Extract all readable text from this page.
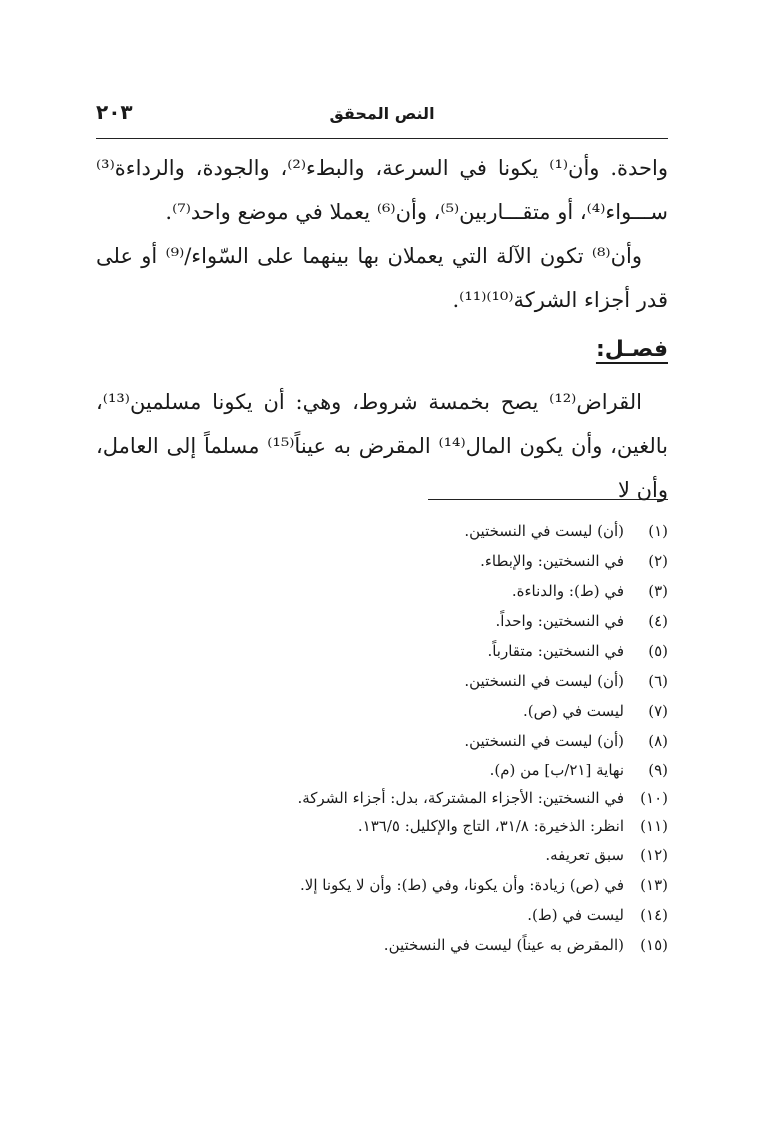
النص المحقق
٢٠٣

واحدة. وأن⁽¹⁾ يكونا في السرعة، والبطء⁽²⁾، والجودة، والرداءة⁽³⁾ ســـواء⁽⁴⁾، أو متقـــاربين⁽⁵⁾، وأن⁽⁶⁾ يعملا في موضع واحد⁽⁷⁾.

وأن⁽⁸⁾ تكون الآلة التي يعملان بها بينهما على السّواء/⁽⁹⁾ أو على قدر أجزاء الشركة⁽¹⁰⁾⁽¹¹⁾.

فصـل:

القراض⁽¹²⁾ يصح بخمسة شروط، وهي: أن يكونا مسلمين⁽¹³⁾، بالغين، وأن يكون المال⁽¹⁴⁾ المقرض به عيناً⁽¹⁵⁾ مسلماً إلى العامل، وأن لا

(١)(أن) ليست في النسختين.
(٢)في النسختين: والإبطاء.
(٣)في (ط): والدناءة.
(٤)في النسختين: واحداً.
(٥)في النسختين: متقارباً.
(٦)(أن) ليست في النسختين.
(٧)ليست في (ص).
(٨)(أن) ليست في النسختين.
(٩)نهاية [٢١/ب] من (م).
(١٠)في النسختين: الأجزاء المشتركة، بدل: أجزاء الشركة.
(١١)انظر: الذخيرة: ٣١/٨، التاج والإكليل: ١٣٦/٥.
(١٢)سبق تعريفه.
(١٣)في (ص) زيادة: وأن يكونا، وفي (ط): وأن لا يكونا إلا.
(١٤)ليست في (ط).
(١٥)(المقرض به عيناً) ليست في النسختين.
